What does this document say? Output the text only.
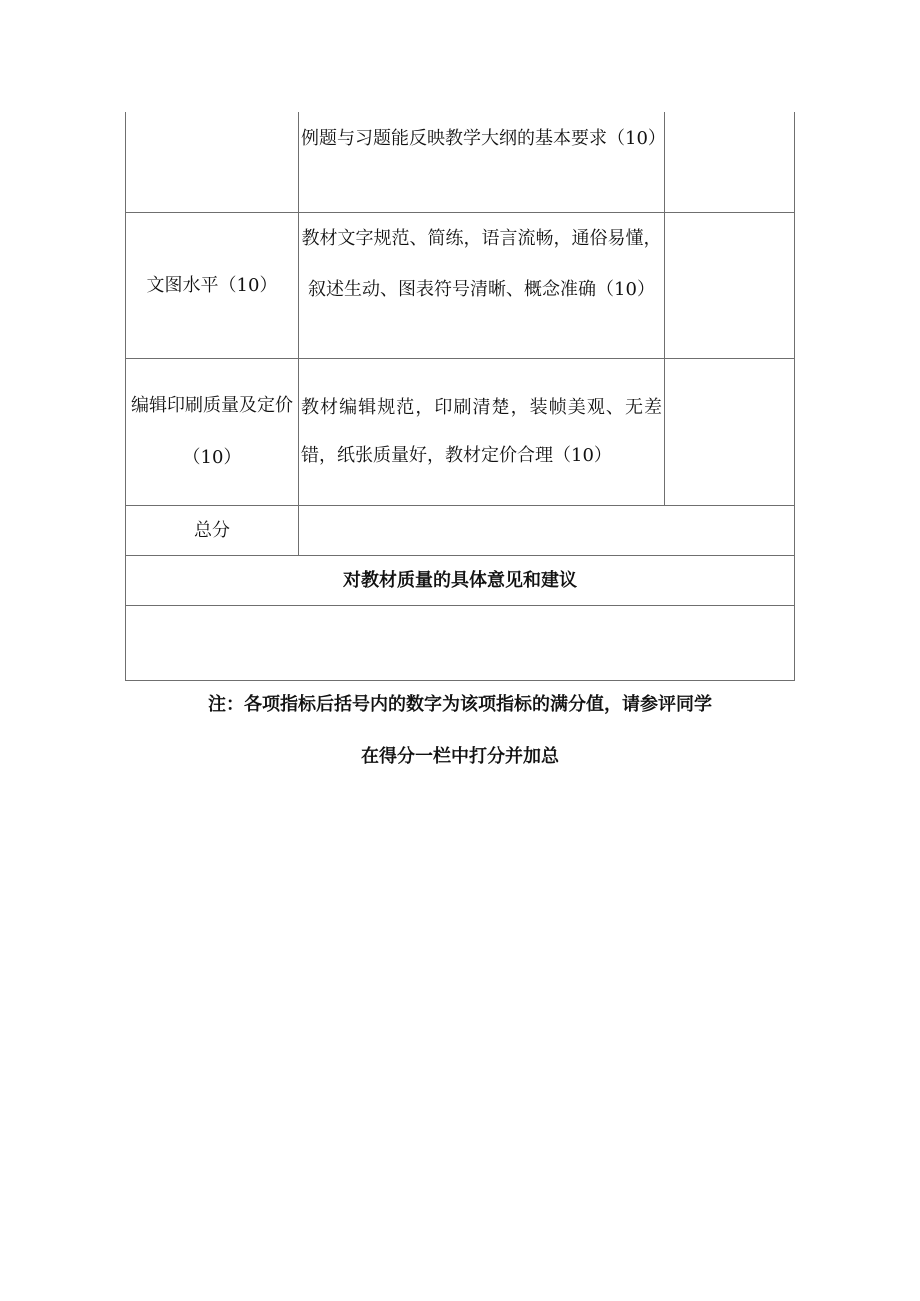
例题与习题能反映教学大纲的基本要求（10）
文图水平（10）
教材文字规范、简练，语言流畅，通俗易懂，叙述生动、图表符号清晰、概念准确（10）
编辑印刷质量及定价（10）
教材编辑规范，印刷清楚，装帧美观、无差错，纸张质量好，教材定价合理（10）
总分
对教材质量的具体意见和建议
注：各项指标后括号内的数字为该项指标的满分值，请参评同学
在得分一栏中打分并加总
